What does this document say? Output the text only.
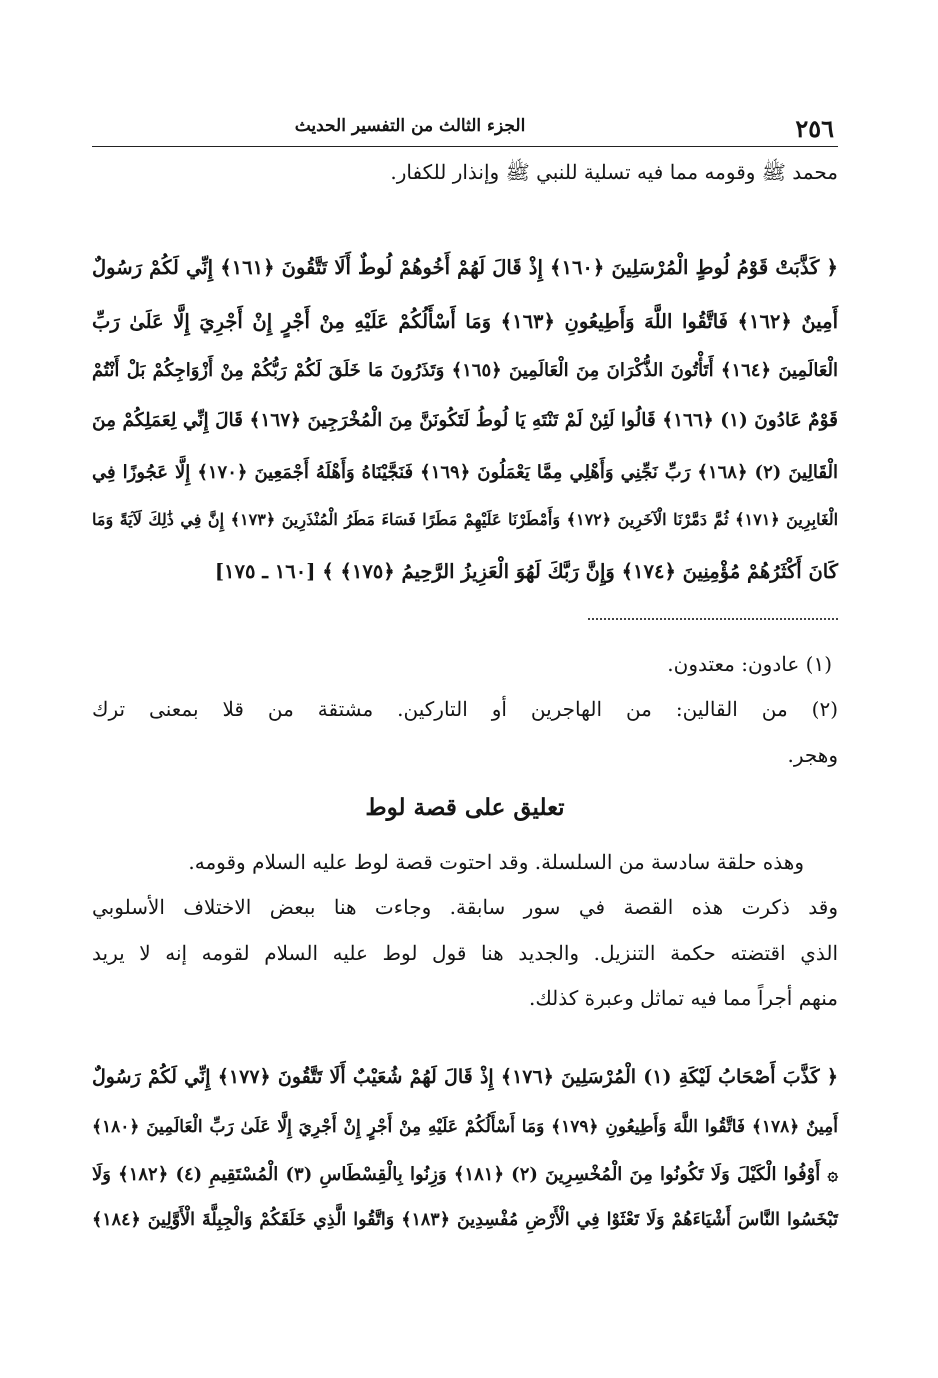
٢٥٦
الجزء الثالث من التفسير الحديث
محمد ﷺ وقومه مما فيه تسلية للنبي ﷺ وإنذار للكفار.
﴿ كَذَّبَتْ قَوْمُ لُوطٍ الْمُرْسَلِينَ ﴿١٦٠﴾ إِذْ قَالَ لَهُمْ أَخُوهُمْ لُوطٌ أَلَا تَتَّقُونَ ﴿١٦١﴾ إِنِّي لَكُمْ رَسُولٌ
أَمِينٌ ﴿١٦٢﴾ فَاتَّقُوا اللَّهَ وَأَطِيعُونِ ﴿١٦٣﴾ وَمَا أَسْأَلُكُمْ عَلَيْهِ مِنْ أَجْرٍ إِنْ أَجْرِيَ إِلَّا عَلَىٰ رَبِّ
الْعَالَمِينَ ﴿١٦٤﴾ أَتَأْتُونَ الذُّكْرَانَ مِنَ الْعَالَمِينَ ﴿١٦٥﴾ وَتَذَرُونَ مَا خَلَقَ لَكُمْ رَبُّكُمْ مِنْ أَزْوَاجِكُمْ بَلْ أَنْتُمْ
قَوْمٌ عَادُونَ (١) ﴿١٦٦﴾ قَالُوا لَئِنْ لَمْ تَنْتَهِ يَا لُوطُ لَتَكُونَنَّ مِنَ الْمُخْرَجِينَ ﴿١٦٧﴾ قَالَ إِنِّي لِعَمَلِكُمْ مِنَ
الْقَالِينَ (٢) ﴿١٦٨﴾ رَبِّ نَجِّنِي وَأَهْلِي مِمَّا يَعْمَلُونَ ﴿١٦٩﴾ فَنَجَّيْنَاهُ وَأَهْلَهُ أَجْمَعِينَ ﴿١٧٠﴾ إِلَّا عَجُوزًا فِي
الْغَابِرِينَ ﴿١٧١﴾ ثُمَّ دَمَّرْنَا الْآخَرِينَ ﴿١٧٢﴾ وَأَمْطَرْنَا عَلَيْهِمْ مَطَرًا فَسَاءَ مَطَرُ الْمُنْذَرِينَ ﴿١٧٣﴾ إِنَّ فِي ذَٰلِكَ لَآيَةً وَمَا
كَانَ أَكْثَرُهُمْ مُؤْمِنِينَ ﴿١٧٤﴾ وَإِنَّ رَبَّكَ لَهُوَ الْعَزِيزُ الرَّحِيمُ ﴿١٧٥﴾ ﴾ [١٦٠ ـ ١٧٥]
(١) عادون: معتدون.
(٢) من القالين: من الهاجرين أو التاركين. مشتقة من قلا بمعنى ترك
وهجر.
تعليق على قصة لوط
وهذه حلقة سادسة من السلسلة. وقد احتوت قصة لوط عليه السلام وقومه.
وقد ذكرت هذه القصة في سور سابقة. وجاءت هنا ببعض الاختلاف الأسلوبي
الذي اقتضته حكمة التنزيل. والجديد هنا قول لوط عليه السلام لقومه إنه لا يريد
منهم أجراً مما فيه تماثل وعبرة كذلك.
﴿ كَذَّبَ أَصْحَابُ لَيْكَةِ (١) الْمُرْسَلِينَ ﴿١٧٦﴾ إِذْ قَالَ لَهُمْ شُعَيْبٌ أَلَا تَتَّقُونَ ﴿١٧٧﴾ إِنِّي لَكُمْ رَسُولٌ
أَمِينٌ ﴿١٧٨﴾ فَاتَّقُوا اللَّهَ وَأَطِيعُونِ ﴿١٧٩﴾ وَمَا أَسْأَلُكُمْ عَلَيْهِ مِنْ أَجْرٍ إِنْ أَجْرِيَ إِلَّا عَلَىٰ رَبِّ الْعَالَمِينَ ﴿١٨٠﴾
۞ أَوْفُوا الْكَيْلَ وَلَا تَكُونُوا مِنَ الْمُخْسِرِينَ (٢) ﴿١٨١﴾ وَزِنُوا بِالْقِسْطَاسِ (٣) الْمُسْتَقِيمِ (٤) ﴿١٨٢﴾ وَلَا
تَبْخَسُوا النَّاسَ أَشْيَاءَهُمْ وَلَا تَعْثَوْا فِي الْأَرْضِ مُفْسِدِينَ ﴿١٨٣﴾ وَاتَّقُوا الَّذِي خَلَقَكُمْ وَالْجِبِلَّةَ الْأَوَّلِينَ ﴿١٨٤﴾
